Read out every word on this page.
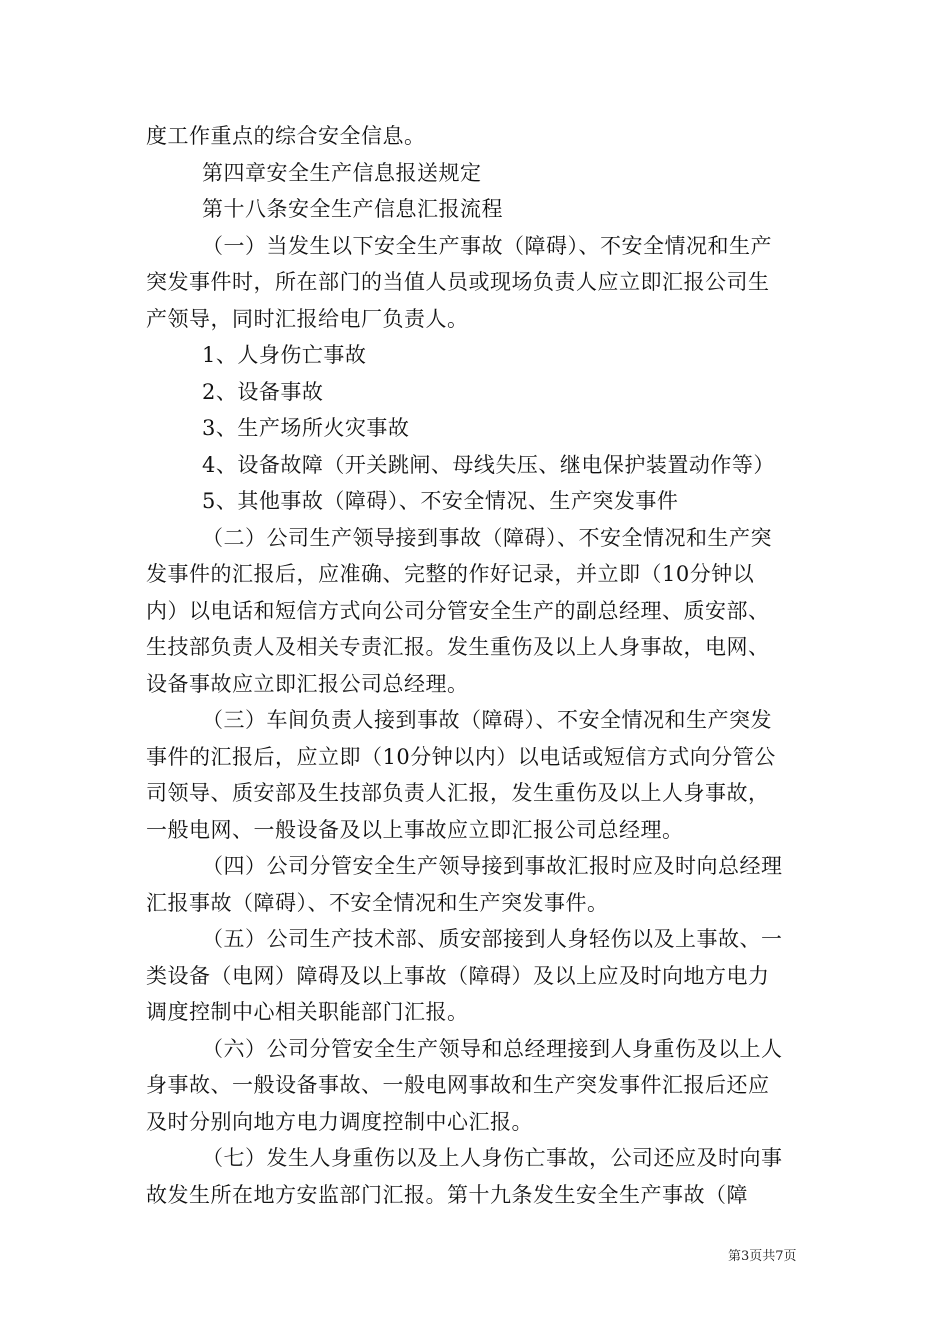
度工作重点的综合安全信息。
第四章安全生产信息报送规定
第十八条安全生产信息汇报流程
（一）当发生以下安全生产事故（障碍）、不安全情况和生产
突发事件时，所在部门的当值人员或现场负责人应立即汇报公司生
产领导，同时汇报给电厂负责人。
1、人身伤亡事故
2、设备事故
3、生产场所火灾事故
4、设备故障（开关跳闸、母线失压、继电保护装置动作等）
5、其他事故（障碍）、不安全情况、生产突发事件
（二）公司生产领导接到事故（障碍）、不安全情况和生产突
发事件的汇报后，应准确、完整的作好记录，并立即（10分钟以
内）以电话和短信方式向公司分管安全生产的副总经理、质安部、
生技部负责人及相关专责汇报。发生重伤及以上人身事故，电网、
设备事故应立即汇报公司总经理。
（三）车间负责人接到事故（障碍）、不安全情况和生产突发
事件的汇报后，应立即（10分钟以内）以电话或短信方式向分管公
司领导、质安部及生技部负责人汇报，发生重伤及以上人身事故，
一般电网、一般设备及以上事故应立即汇报公司总经理。
（四）公司分管安全生产领导接到事故汇报时应及时向总经理
汇报事故（障碍）、不安全情况和生产突发事件。
（五）公司生产技术部、质安部接到人身轻伤以及上事故、一
类设备（电网）障碍及以上事故（障碍）及以上应及时向地方电力
调度控制中心相关职能部门汇报。
（六）公司分管安全生产领导和总经理接到人身重伤及以上人
身事故、一般设备事故、一般电网事故和生产突发事件汇报后还应
及时分别向地方电力调度控制中心汇报。
（七）发生人身重伤以及上人身伤亡事故，公司还应及时向事
故发生所在地方安监部门汇报。第十九条发生安全生产事故（障
第3页共7页
